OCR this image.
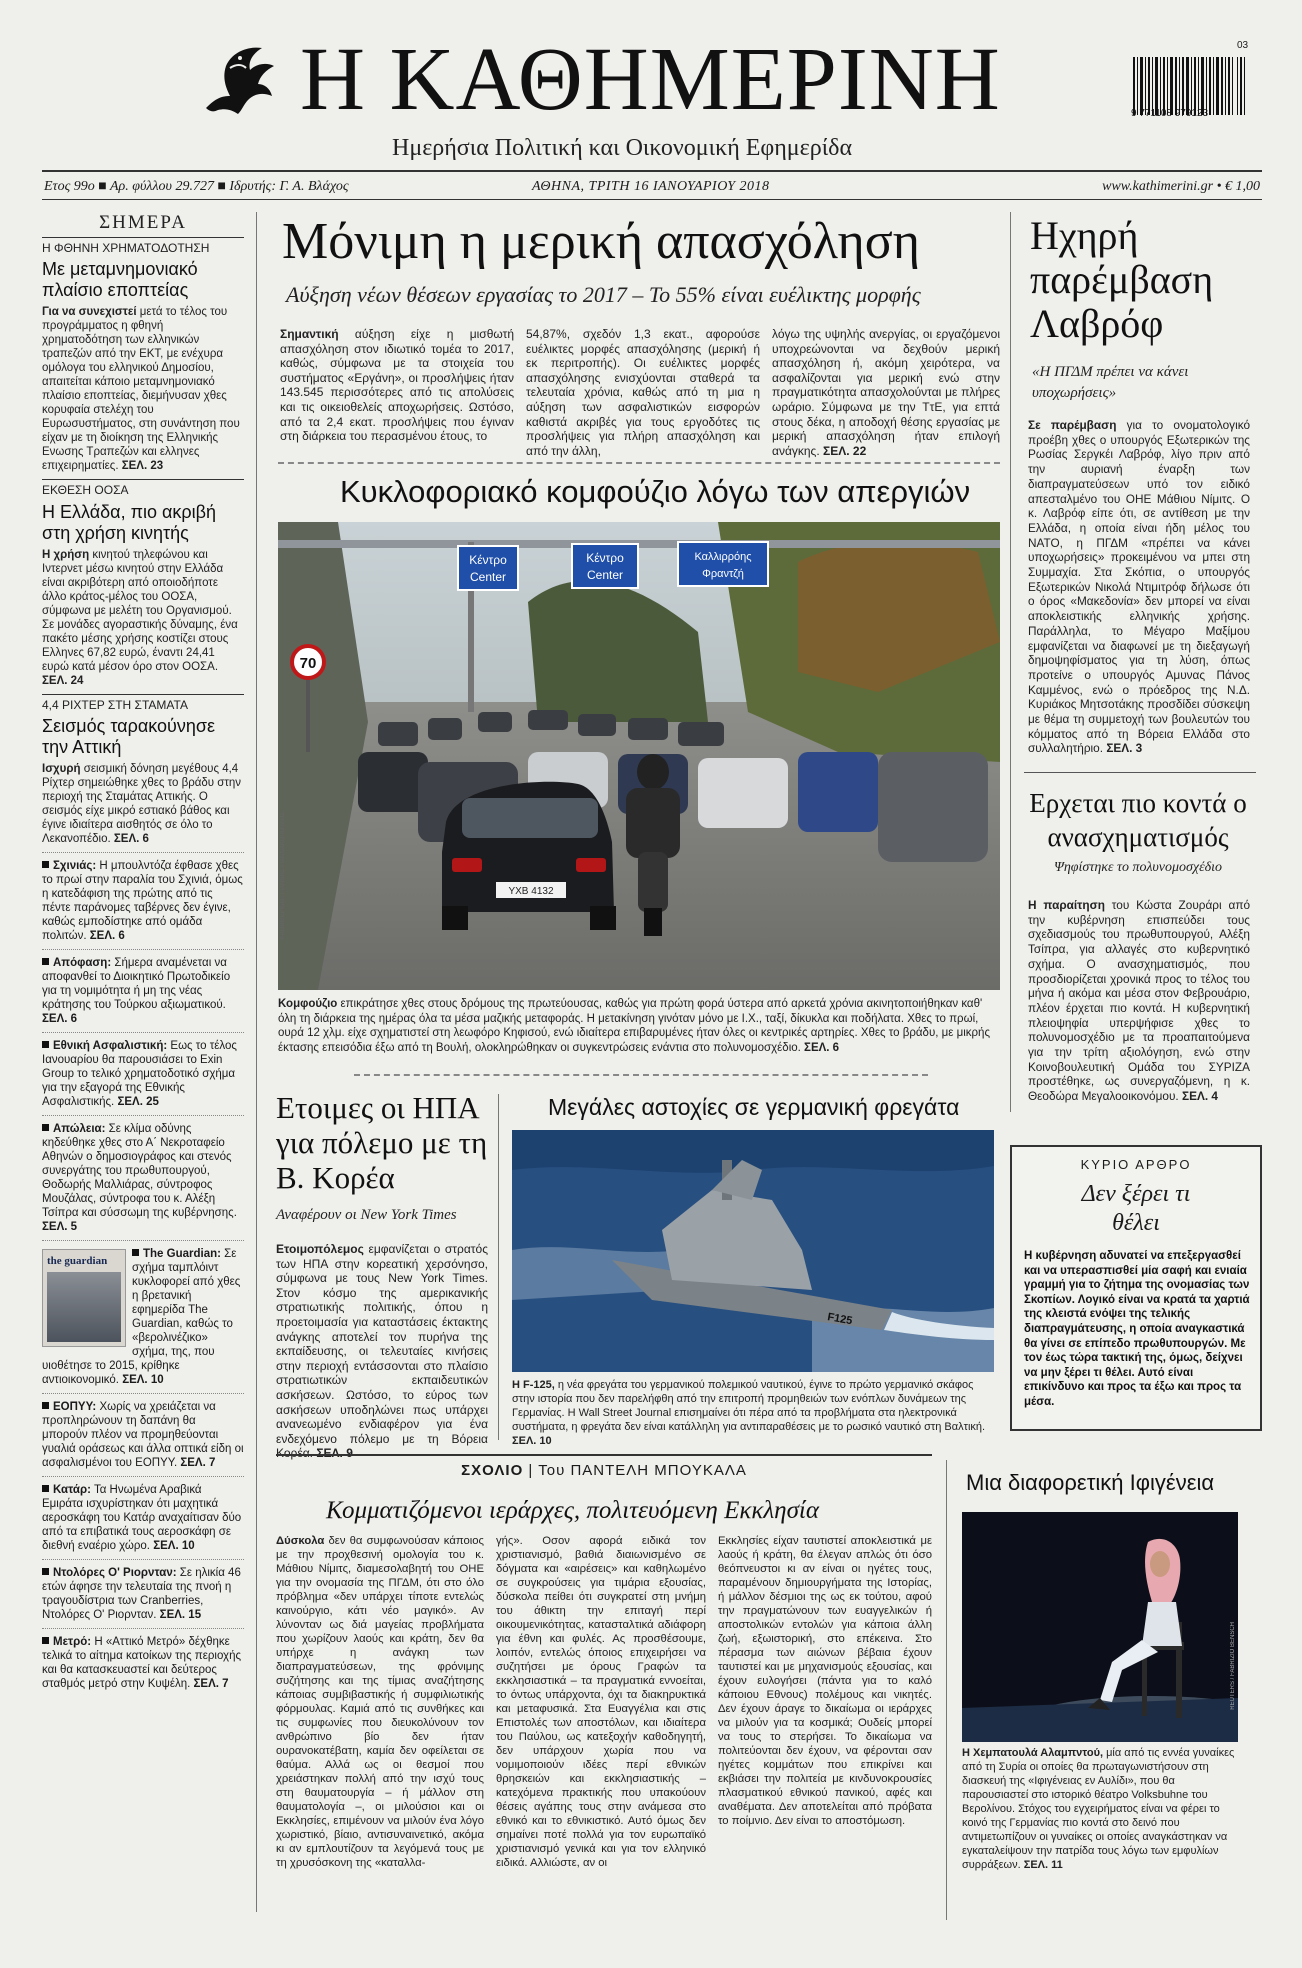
Η ΚΑΘΗΜΕΡΙΝΗ
Ημερήσια Πολιτική και Οικονομική Εφημερίδα
9 771108 979123
03
Ετος 99ο ■ Αρ. φύλλου 29.727 ■ Ιδρυτής: Γ. Α. Βλάχος	ΑΘΗΝΑ, ΤΡΙΤΗ 16 ΙΑΝΟΥΑΡΙΟΥ 2018	www.kathimerini.gr • € 1,00
ΣΗΜΕΡΑ
Η ΦΘΗΝΗ ΧΡΗΜΑΤΟΔΟΤΗΣΗ
Με μεταμνημονιακό πλαίσιο εποπτείας
Για να συνεχιστεί μετά το τέλος του προγράμματος η φθηνή χρηματοδότηση των ελληνικών τραπεζών από την ΕΚΤ, με ενέχυρα ομόλογα του ελληνικού Δημοσίου, απαιτείται κάποιο μεταμνημονιακό πλαίσιο εποπτείας, διεμήνυσαν χθες κορυφαία στελέχη του Ευρωσυστήματος, στη συνάντηση που είχαν με τη διοίκηση της Ελληνικής Ενωσης Τραπεζών και ελληνες επιχειρηματίες. ΣΕΛ. 23
ΕΚΘΕΣΗ ΟΟΣΑ
Η Ελλάδα, πιο ακριβή στη χρήση κινητής
Η χρήση κινητού τηλεφώνου και Ιντερνετ μέσω κινητού στην Ελλάδα είναι ακριβότερη από οποιοδήποτε άλλο κράτος-μέλος του ΟΟΣΑ, σύμφωνα με μελέτη του Οργανισμού. Σε μονάδες αγοραστικής δύναμης, ένα πακέτο μέσης χρήσης κοστίζει στους Ελληνες 67,82 ευρώ, έναντι 24,41 ευρώ κατά μέσον όρο στον ΟΟΣΑ. ΣΕΛ. 24
4,4 ΡΙΧΤΕΡ ΣΤΗ ΣΤΑΜΑΤΑ
Σεισμός ταρακούνησε την Αττική
Ισχυρή σεισμική δόνηση μεγέθους 4,4 Ρίχτερ σημειώθηκε χθες το βράδυ στην περιοχή της Σταμάτας Αττικής. Ο σεισμός είχε μικρό εστιακό βάθος και έγινε ιδιαίτερα αισθητός σε όλο το Λεκανοπέδιο. ΣΕΛ. 6
Σχινιάς: Η μπουλντόζα έφθασε χθες το πρωί στην παραλία του Σχινιά, όμως η κατεδάφιση της πρώτης από τις πέντε παράνομες ταβέρνες δεν έγινε, καθώς εμποδίστηκε από ομάδα πολιτών. ΣΕΛ. 6
Απόφαση: Σήμερα αναμένεται να αποφανθεί το Διοικητικό Πρωτοδικείο για τη νομιμότητα ή μη της νέας κράτησης του Τούρκου αξιωματικού. ΣΕΛ. 6
Εθνική Ασφαλιστική: Εως το τέλος Ιανουαρίου θα παρουσιάσει το Exin Group το τελικό χρηματοδοτικό σχήμα για την εξαγορά της Εθνικής Ασφαλιστικής. ΣΕΛ. 25
Απώλεια: Σε κλίμα οδύνης κηδεύθηκε χθες στο Α΄ Νεκροταφείο Αθηνών ο δημοσιογράφος και στενός συνεργάτης του πρωθυπουργού, Θοδωρής Μαλλιάρας, σύντροφος Μουζάλας, σύντροφα του κ. Αλέξη Τσίπρα και σύσσωμη της κυβέρνησης. ΣΕΛ. 5
the guardian
The Guardian: Σε σχήμα ταμπλόιντ κυκλοφορεί από χθες η βρετανική εφημερίδα The Guardian, καθώς το «βερολινέζικο» σχήμα, της, που υιοθέτησε το 2015, κρίθηκε αντιοικονομικό. ΣΕΛ. 10
ΕΟΠΥΥ: Χωρίς να χρειάζεται να προπληρώνουν τη δαπάνη θα μπορούν πλέον να προμηθεύονται γυαλιά οράσεως και άλλα οπτικά είδη οι ασφαλισμένοι του ΕΟΠΥΥ. ΣΕΛ. 7
Κατάρ: Τα Ηνωμένα Αραβικά Εμιράτα ισχυρίστηκαν ότι μαχητικά αεροσκάφη του Κατάρ αναχαίτισαν δύο από τα επιβατικά τους αεροσκάφη σε διεθνή εναέριο χώρο. ΣΕΛ. 10
Ντολόρες Ο' Ριορνταν: Σε ηλικία 46 ετών άφησε την τελευταία της πνοή η τραγουδίστρια των Cranberries, Ντολόρες Ο' Ριορνταν. ΣΕΛ. 15
Μετρό: Η «Αττικό Μετρό» δέχθηκε τελικά το αίτημα κατοίκων της περιοχής και θα κατασκευαστεί και δεύτερος σταθμός μετρό στην Κυψέλη. ΣΕΛ. 7
Μόνιμη η μερική απασχόληση
Αύξηση νέων θέσεων εργασίας το 2017 – Το 55% είναι ευέλικτης μορφής
Σημαντική αύξηση είχε η μισθωτή απασχόληση στον ιδιωτικό τομέα το 2017, καθώς, σύμφωνα με τα στοιχεία του συστήματος «Εργάνη», οι προσλήψεις ήταν 143.545 περισσότερες από τις απολύσεις και τις οικειοθελείς αποχωρήσεις. Ωστόσο, από τα 2,4 εκατ. προσλήψεις που έγιναν στη διάρκεια του περασμένου έτους, το
54,87%, σχεδόν 1,3 εκατ., αφορούσε ευέλικτες μορφές απασχόλησης (μερική ή εκ περιτροπής). Οι ευέλικτες μορφές απασχόλησης ενισχύονται σταθερά τα τελευταία χρόνια, καθώς από τη μια η αύξηση των ασφαλιστικών εισφορών καθιστά ακριβές για τους εργοδότες τις προσλήψεις για πλήρη απασχόληση και από την άλλη,
λόγω της υψηλής ανεργίας, οι εργαζόμενοι υποχρεώνονται να δεχθούν μερική απασχόληση ή, ακόμη χειρότερα, να ασφαλίζονται για μερική ενώ στην πραγματικότητα απασχολούνται με πλήρες ωράριο. Σύμφωνα με την ΤτΕ, για επτά στους δέκα, η αποδοχή θέσης εργασίας με μερική απασχόληση ήταν επιλογή ανάγκης. ΣΕΛ. 22
Κυκλοφοριακό κομφούζιο λόγω των απεργιών
Κέντρο
Center
Κέντρο
Center
Καλλιρρόης
Φραντζή
70
ΥΧΒ 4132
ΚΑΘΗΜΕΡΙΝΗ / ΓΙΑΝΝΗΣ ΓΙΑΝΝΑΚΟΠΟΥΛΟΣ
Κομφούζιο επικράτησε χθες στους δρόμους της πρωτεύουσας, καθώς για πρώτη φορά ύστερα από αρκετά χρόνια ακινητοποιήθηκαν καθ' όλη τη διάρκεια της ημέρας όλα τα μέσα μαζικής μεταφοράς. Η μετακίνηση γινόταν μόνο με Ι.Χ., ταξί, δίκυκλα και ποδήλατα. Χθες το πρωί, ουρά 12 χλμ. είχε σχηματιστεί στη λεωφόρο Κηφισού, ενώ ιδιαίτερα επιβαρυμένες ήταν όλες οι κεντρικές αρτηρίες. Χθες το βράδυ, με μικρής έκτασης επεισόδια έξω από τη Βουλή, ολοκληρώθηκαν οι συγκεντρώσεις ενάντια στο πολυνομοσχέδιο. ΣΕΛ. 6
Ετοιμες οι ΗΠΑ για πόλεμο με τη Β. Κορέα
Αναφέρουν οι New York Times
Ετοιμοπόλεμος εμφανίζεται ο στρατός των ΗΠΑ στην κορεατική χερσόνησο, σύμφωνα με τους New York Times. Στον κόσμο της αμερικανικής στρατιωτικής πολιτικής, όπου η προετοιμασία για καταστάσεις έκτακτης ανάγκης αποτελεί τον πυρήνα της εκπαίδευσης, οι τελευταίες κινήσεις στην περιοχή εντάσσονται στο πλαίσιο στρατιωτικών εκπαιδευτικών ασκήσεων. Ωστόσο, το εύρος των ασκήσεων υποδηλώνει πως υπάρχει ανανεωμένο ενδιαφέρον για ένα ενδεχόμενο πόλεμο με τη Βόρεια Κορέα. ΣΕΛ. 9
Μεγάλες αστοχίες σε γερμανική φρεγάτα
F125
Η F-125, η νέα φρεγάτα του γερμανικού πολεμικού ναυτικού, έγινε το πρώτο γερμανικό σκάφος στην ιστορία που δεν παρελήφθη από την επιτροπή προμηθειών των ενόπλων δυνάμεων της Γερμανίας. Η Wall Street Journal επισημαίνει ότι πέρα από τα προβλήματα στα ηλεκτρονικά συστήματα, η φρεγάτα δεν είναι κατάλληλη για αντιπαραθέσεις με το ρωσικό ναυτικό στη Βαλτική. ΣΕΛ. 10
ΣΧΟΛΙΟ | Του ΠΑΝΤΕΛΗ ΜΠΟΥΚΑΛΑ
Κομματιζόμενοι ιεράρχες, πολιτευόμενη Εκκλησία
Δύσκολα δεν θα συμφωνούσαν κάποιος με την προχθεσινή ομολογία του κ. Μάθιου Νίμιτς, διαμεσολαβητή του ΟΗΕ για την ονομασία της ΠΓΔΜ, ότι στο όλο πρόβλημα «δεν υπάρχει τίποτε εντελώς καινούργιο, κάτι νέο μαγικό». Αν λύνονταν ως διά μαγείας προβλήματα που χωρίζουν λαούς και κράτη, δεν θα υπήρχε η ανάγκη των διαπραγματεύσεων, της φρόνιμης συζήτησης και της τίμιας αναζήτησης κάποιας συμβιβαστικής ή συμφιλιωτικής φόρμουλας. Καμιά από τις συνθήκες και τις συμφωνίες που διευκολύνουν τον ανθρώπινο βίο δεν ήταν ουρανοκατέβατη, καμία δεν οφείλεται σε θαύμα. Αλλά ως οι θεσμοί που χρειάστηκαν πολλή από την ισχύ τους στη θαυματουργία – ή μάλλον στη θαυματολογία –, οι μιλούσιοι και οι Εκκλησίες, επιμένουν να μιλούν ένα λόγο χωριστικό, βίαιο, αντισυναινετικό, ακόμα κι αν εμπλουτίζουν τα λεγόμενά τους με τη χρυσόσκονη της «καταλλα-
γής». Οσον αφορά ειδικά τον χριστιανισμό, βαθιά διαιωνισμένο σε δόγματα και «αιρέσεις» και καθηλωμένο σε συγκρούσεις για τιμάρια εξουσίας, δύσκολα πείθει ότι συγκρατεί στη μνήμη του άθικτη την επιταγή περί οικουμενικότητας, κατασταλτικά αδιάφορη για έθνη και φυλές. Ας προσθέσουμε, λοιπόν, εντελώς όποιος επιχειρήσει να συζητήσει με όρους Γραφών τα εκκλησιαστικά – τα πραγματικά εννοείται, το όντως υπάρχοντα, όχι τα διακηρυκτικά και μεταφυσικά. Στα Ευαγγέλια και στις Επιστολές των αποστόλων, και ιδιαίτερα του Παύλου, ως κατεξοχήν καθοδηγητή, δεν υπάρχουν χωρία που να νομιμοποιούν ιδέες περί εθνικών θρησκειών και εκκλησιαστικής – κατεχόμενα πρακτικής που υπακούουν θέσεις αγάπης τους στην ανάμεσα στο εθνικό και το εθνικιστικό. Αυτό όμως δεν σημαίνει ποτέ πολλά για τον ευρωπαϊκό χριστιανισμό γενικά και για τον ελληνικό ειδικά. Αλλιώστε, αν οι
Εκκλησίες είχαν ταυτιστεί αποκλειστικά με λαούς ή κράτη, θα έλεγαν απλώς ότι όσο θεόπνευστοι κι αν είναι οι ηγέτες τους, παραμένουν δημιουργήματα της Ιστορίας, ή μάλλον δέσμιοι της ως εκ τούτου, αφού την πραγματώνουν των ευαγγελικών ή αποστολικών εντολών για κάποια άλλη ζωή, εξωιστορική, στο επέκεινα. Στο πέρασμα των αιώνων βέβαια έχουν ταυτιστεί και με μηχανισμούς εξουσίας, και έχουν ευλογήσει (πάντα για το καλό κάποιου Εθνους) πολέμους και νικητές. Δεν έχουν άραγε το δικαίωμα οι ιεράρχες να μιλούν για τα κοσμικά; Ουδείς μπορεί να τους το στερήσει. Το δικαίωμα να πολιτεύονται δεν έχουν, να φέρονται σαν ηγέτες κομμάτων που επικρίνει και εκβιάσει την πολιτεία με κινδυνοκρουσίες πλασματικού εθνικού πανικού, αφές και αναθέματα. Δεν αποτελείται από πρόβατα το ποίμνιο. Δεν είναι το αποστόμωση.
Ηχηρή παρέμβαση Λαβρόφ
«Η ΠΓΔΜ πρέπει να κάνει υποχωρήσεις»
Σε παρέμβαση για το ονοματολογικό προέβη χθες ο υπουργός Εξωτερικών της Ρωσίας Σεργκέι Λαβρόφ, λίγο πριν από την αυριανή έναρξη των διαπραγματεύσεων υπό τον ειδικό απεσταλμένο του ΟΗΕ Μάθιου Νίμιτς. Ο κ. Λαβρόφ είπε ότι, σε αντίθεση με την Ελλάδα, η οποία είναι ήδη μέλος του ΝΑΤΟ, η ΠΓΔΜ «πρέπει να κάνει υποχωρήσεις» προκειμένου να μπει στη Συμμαχία. Στα Σκόπια, ο υπουργός Εξωτερικών Νικολά Ντιμιτρόφ δήλωσε ότι ο όρος «Μακεδονία» δεν μπορεί να είναι αποκλειστικής ελληνικής χρήσης. Παράλληλα, το Μέγαρο Μαξίμου εμφανίζεται να διαφωνεί με τη διεξαγωγή δημοψηφίσματος για τη λύση, όπως προτείνε ο υπουργός Αμυνας Πάνος Καμμένος, ενώ ο πρόεδρος της Ν.Δ. Κυριάκος Μητσοτάκης προσδίδει σύσκεψη με θέμα τη συμμετοχή των βουλευτών του κόμματος από τη Βόρεια Ελλάδα στο συλλαλητήριο. ΣΕΛ. 3
Ερχεται πιο κοντά ο ανασχηματισμός
Ψηφίστηκε το πολυνομοσχέδιο
Η παραίτηση του Κώστα Ζουράρι από την κυβέρνηση επισπεύδει τους σχεδιασμούς του πρωθυπουργού, Αλέξη Τσίπρα, για αλλαγές στο κυβερνητικό σχήμα. Ο ανασχηματισμός, που προσδιορίζεται χρονικά προς το τέλος του μήνα ή ακόμα και μέσα στον Φεβρουάριο, πλέον έρχεται πιο κοντά. Η κυβερνητική πλειοψηφία υπερψήφισε χθες το πολυνομοσχέδιο με τα προαπαιτούμενα για την τρίτη αξιολόγηση, ενώ στην Κοινοβουλευτική Ομάδα του ΣΥΡΙΖΑ προστέθηκε, ως συνεργαζόμενη, η κ. Θεοδώρα Μεγαλοοικονόμου. ΣΕΛ. 4
ΚΥΡΙΟ ΑΡΘΡΟ
Δεν ξέρει τι θέλει
Η κυβέρνηση αδυνατεί να επεξεργασθεί και να υπερασπισθεί μία σαφή και ενιαία γραμμή για το ζήτημα της ονομασίας των Σκοπίων. Λογικό είναι να κρατά τα χαρτιά της κλειστά ενόψει της τελικής διαπραγμάτευσης, η οποία αναγκαστικά θα γίνει σε επίπεδο πρωθυπουργών. Με τον έως τώρα τακτική της, όμως, δείχνει να μην ξέρει τι θέλει. Αυτό είναι επικίνδυνο και προς τα έξω και προς τα μέσα.
Μια διαφορετική Ιφιγένεια
REUTERS / FABRIZIO BENSCH
Η Χεμπατουλά Αλαμπντού, μία από τις εννέα γυναίκες από τη Συρία οι οποίες θα πρωταγωνιστήσουν στη διασκευή της «Ιφιγένειας εν Αυλίδι», που θα παρουσιαστεί στο ιστορικό θέατρο Volksbuhne του Βερολίνου. Στόχος του εγχειρήματος είναι να φέρει το κοινό της Γερμανίας πιο κοντά στο δεινό που αντιμετωπίζουν οι γυναίκες οι οποίες αναγκάστηκαν να εγκαταλείψουν την πατρίδα τους λόγω των εμφυλίων συρράξεων. ΣΕΛ. 11
